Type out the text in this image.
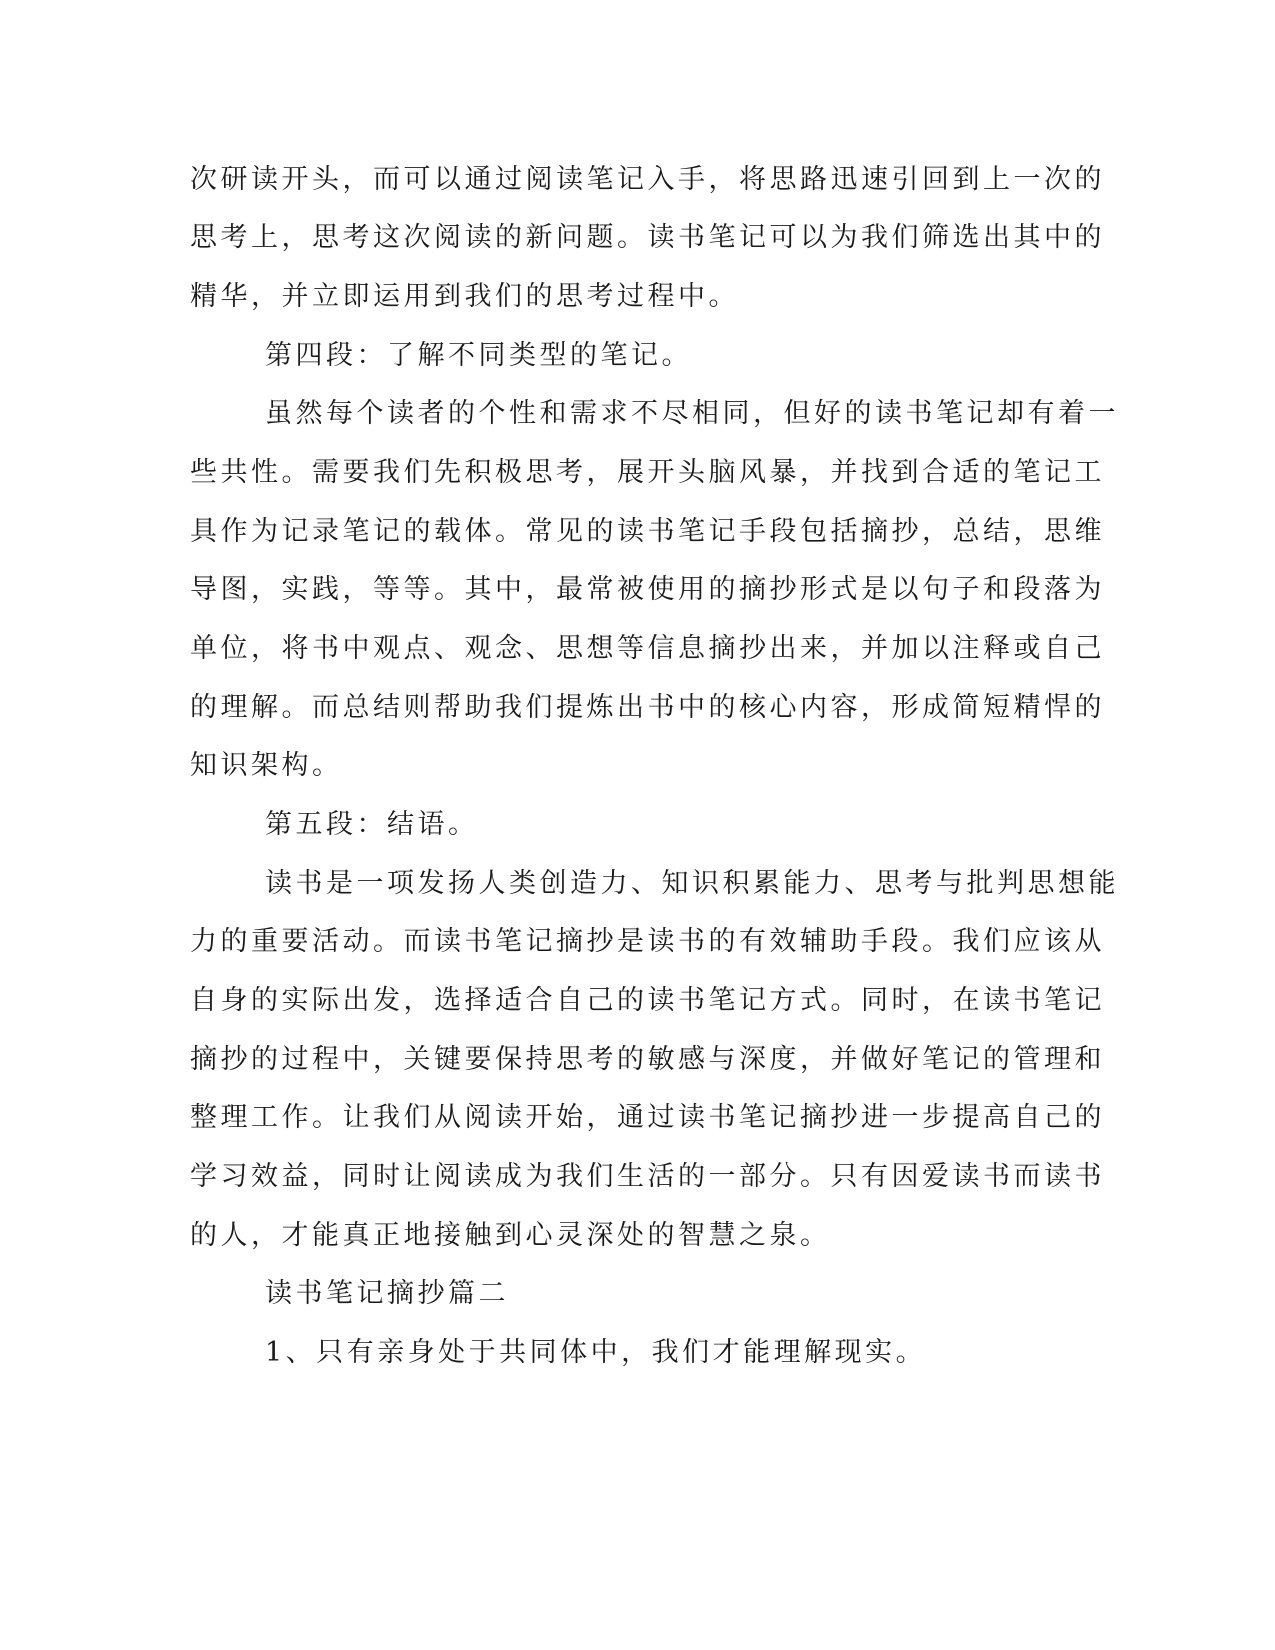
次研读开头，而可以通过阅读笔记入手，将思路迅速引回到上一次的
思考上，思考这次阅读的新问题。读书笔记可以为我们筛选出其中的
精华，并立即运用到我们的思考过程中。
第四段：了解不同类型的笔记。
虽然每个读者的个性和需求不尽相同，但好的读书笔记却有着一
些共性。需要我们先积极思考，展开头脑风暴，并找到合适的笔记工
具作为记录笔记的载体。常见的读书笔记手段包括摘抄，总结，思维
导图，实践，等等。其中，最常被使用的摘抄形式是以句子和段落为
单位，将书中观点、观念、思想等信息摘抄出来，并加以注释或自己
的理解。而总结则帮助我们提炼出书中的核心内容，形成简短精悍的
知识架构。
第五段：结语。
读书是一项发扬人类创造力、知识积累能力、思考与批判思想能
力的重要活动。而读书笔记摘抄是读书的有效辅助手段。我们应该从
自身的实际出发，选择适合自己的读书笔记方式。同时，在读书笔记
摘抄的过程中，关键要保持思考的敏感与深度，并做好笔记的管理和
整理工作。让我们从阅读开始，通过读书笔记摘抄进一步提高自己的
学习效益，同时让阅读成为我们生活的一部分。只有因爱读书而读书
的人，才能真正地接触到心灵深处的智慧之泉。
读书笔记摘抄篇二
1、只有亲身处于共同体中，我们才能理解现实。
